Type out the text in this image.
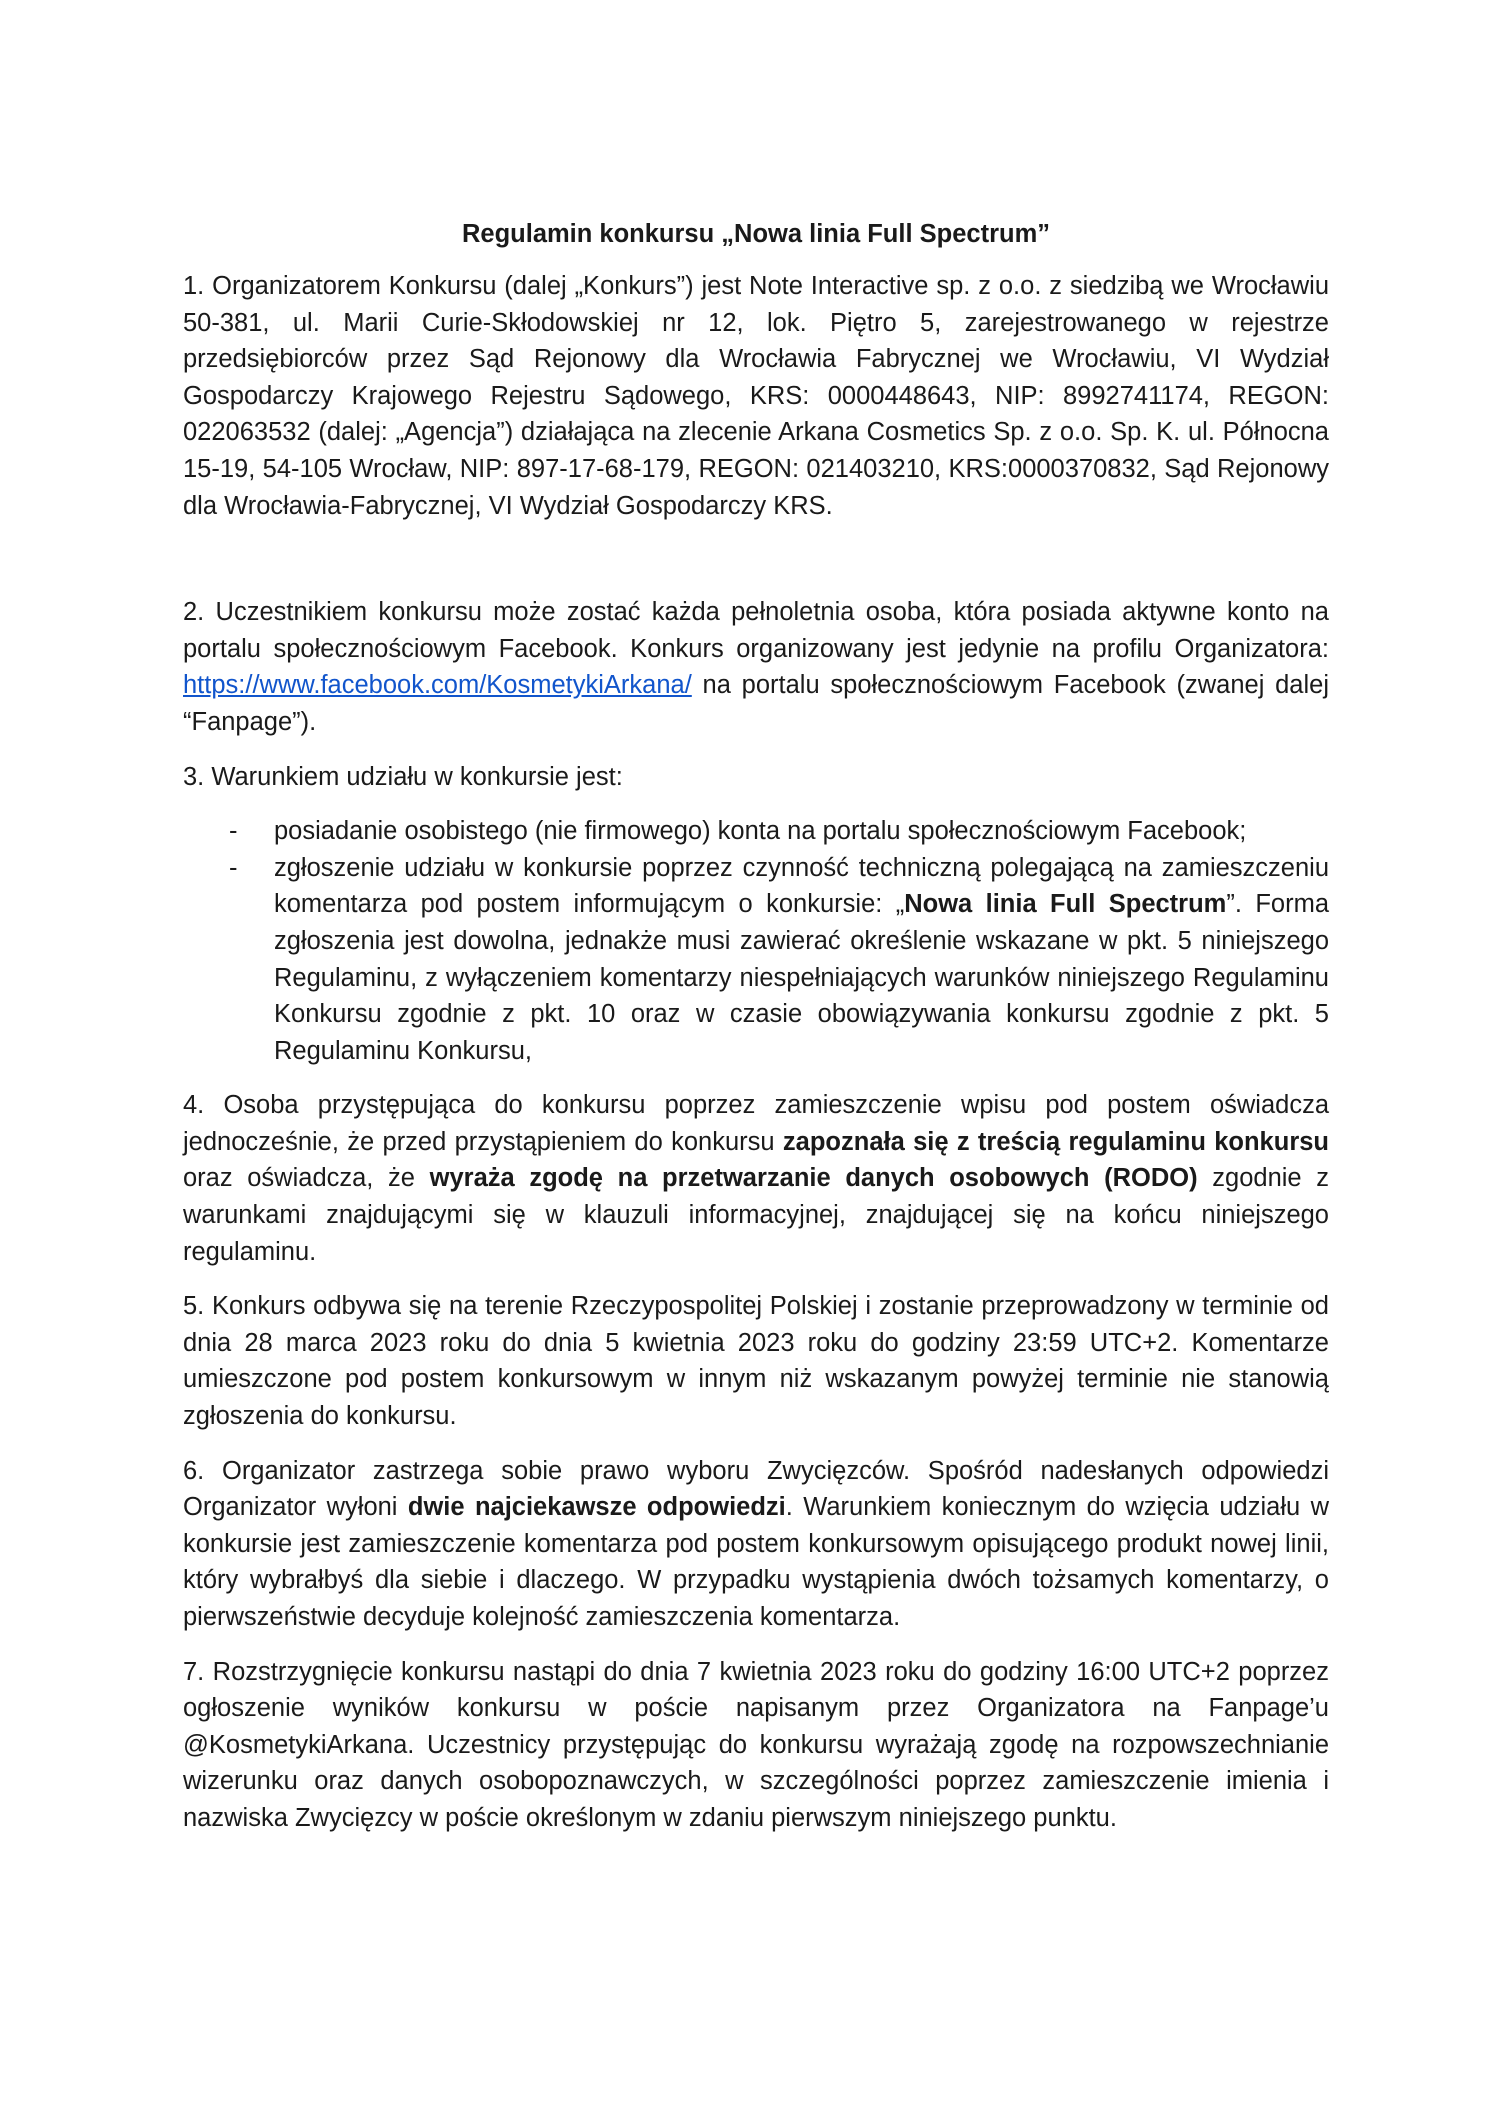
Regulamin konkursu „Nowa linia Full Spectrum”

1. Organizatorem Konkursu (dalej „Konkurs”) jest Note Interactive sp. z o.o. z siedzibą we Wrocławiu 50-381, ul. Marii Curie-Skłodowskiej nr 12, lok. Piętro 5, zarejestrowanego w rejestrze przedsiębiorców przez Sąd Rejonowy dla Wrocławia Fabrycznej we Wrocławiu, VI Wydział Gospodarczy Krajowego Rejestru Sądowego, KRS: 0000448643, NIP: 8992741174, REGON: 022063532 (dalej: „Agencja”) działająca na zlecenie Arkana Cosmetics Sp. z o.o. Sp. K. ul. Północna 15-19, 54-105 Wrocław, NIP: 897-17-68-179, REGON: 021403210, KRS:0000370832, Sąd Rejonowy dla Wrocławia-Fabrycznej, VI Wydział Gospodarczy KRS.

2. Uczestnikiem konkursu może zostać każda pełnoletnia osoba, która posiada aktywne konto na portalu społecznościowym Facebook. Konkurs organizowany jest jedynie na profilu Organizatora: https://www.facebook.com/KosmetykiArkana/ na portalu społecznościowym Facebook (zwanej dalej “Fanpage”).

3. Warunkiem udziału w konkursie jest:

- posiadanie osobistego (nie firmowego) konta na portalu społecznościowym Facebook;
- zgłoszenie udziału w konkursie poprzez czynność techniczną polegającą na zamieszczeniu komentarza pod postem informującym o konkursie: „Nowa linia Full Spectrum”. Forma zgłoszenia jest dowolna, jednakże musi zawierać określenie wskazane w pkt. 5 niniejszego Regulaminu, z wyłączeniem komentarzy niespełniających warunków niniejszego Regulaminu Konkursu zgodnie z pkt. 10 oraz w czasie obowiązywania konkursu zgodnie z pkt. 5 Regulaminu Konkursu,

4. Osoba przystępująca do konkursu poprzez zamieszczenie wpisu pod postem oświadcza jednocześnie, że przed przystąpieniem do konkursu zapoznała się z treścią regulaminu konkursu oraz oświadcza, że wyraża zgodę na przetwarzanie danych osobowych (RODO) zgodnie z warunkami znajdującymi się w klauzuli informacyjnej, znajdującej się na końcu niniejszego regulaminu.

5. Konkurs odbywa się na terenie Rzeczypospolitej Polskiej i zostanie przeprowadzony w terminie od dnia 28 marca 2023 roku do dnia 5 kwietnia 2023 roku do godziny 23:59 UTC+2. Komentarze umieszczone pod postem konkursowym w innym niż wskazanym powyżej terminie nie stanowią zgłoszenia do konkursu.

6. Organizator zastrzega sobie prawo wyboru Zwycięzców. Spośród nadesłanych odpowiedzi Organizator wyłoni dwie najciekawsze odpowiedzi. Warunkiem koniecznym do wzięcia udziału w konkursie jest zamieszczenie komentarza pod postem konkursowym opisującego produkt nowej linii, który wybrałbyś dla siebie i dlaczego. W przypadku wystąpienia dwóch tożsamych komentarzy, o pierwszeństwie decyduje kolejność zamieszczenia komentarza.

7. Rozstrzygnięcie konkursu nastąpi do dnia 7 kwietnia 2023 roku do godziny 16:00 UTC+2 poprzez ogłoszenie wyników konkursu w poście napisanym przez Organizatora na Fanpage’u @KosmetykiArkana. Uczestnicy przystępując do konkursu wyrażają zgodę na rozpowszechnianie wizerunku oraz danych osobopoznawczych, w szczególności poprzez zamieszczenie imienia i nazwiska Zwycięzcy w poście określonym w zdaniu pierwszym niniejszego punktu.
